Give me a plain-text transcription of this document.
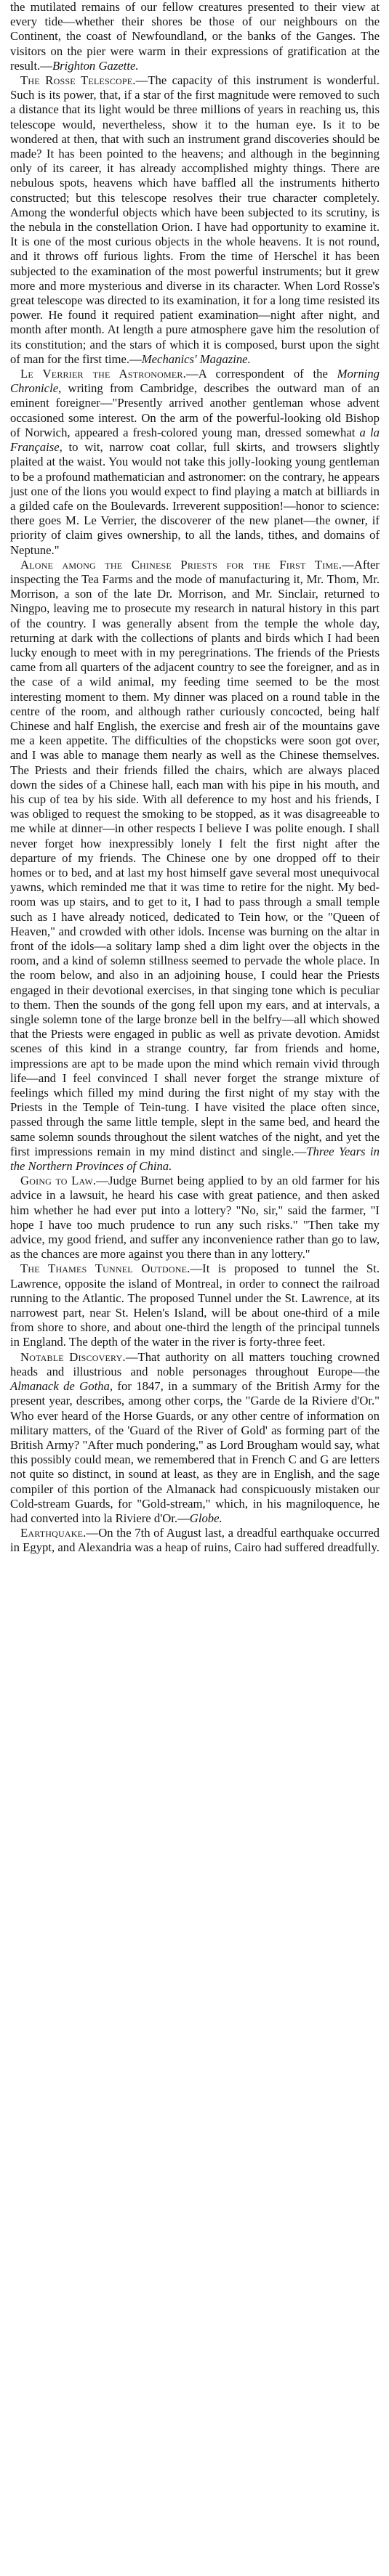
the mutilated remains of our fellow creatures presented to their view at every tide—whether their shores be those of our neighbours on the Continent, the coast of Newfoundland, or the banks of the Ganges. The visitors on the pier were warm in their expressions of gratification at the result.—Brighton Gazette.

The Rosse Telescope.—The capacity of this instrument is wonderful. Such is its power, that, if a star of the first magnitude were removed to such a distance that its light would be three millions of years in reaching us, this telescope would, nevertheless, show it to the human eye. Is it to be wondered at then, that with such an instrument grand discoveries should be made? It has been pointed to the heavens; and although in the beginning only of its career, it has already accomplished mighty things. There are nebulous spots, heavens which have baffled all the instruments hitherto constructed; but this telescope resolves their true character completely. Among the wonderful objects which have been subjected to its scrutiny, is the nebula in the constellation Orion. I have had opportunity to examine it. It is one of the most curious objects in the whole heavens. It is not round, and it throws off furious lights. From the time of Herschel it has been subjected to the examination of the most powerful instruments; but it grew more and more mysterious and diverse in its character. When Lord Rosse's great telescope was directed to its examination, it for a long time resisted its power. He found it required patient examination—night after night, and month after month. At length a pure atmosphere gave him the resolution of its constitution; and the stars of which it is composed, burst upon the sight of man for the first time.—Mechanics' Magazine.

Le Verrier the Astronomer.—A correspondent of the Morning Chronicle, writing from Cambridge, describes the outward man of an eminent foreigner—"Presently arrived another gentleman whose advent occasioned some interest. On the arm of the powerful-looking old Bishop of Norwich, appeared a fresh-colored young man, dressed somewhat a la Française, to wit, narrow coat collar, full skirts, and trowsers slightly plaited at the waist. You would not take this jolly-looking young gentleman to be a profound mathematician and astronomer: on the contrary, he appears just one of the lions you would expect to find playing a match at billiards in a gilded cafe on the Boulevards. Irreverent supposition!—honor to science: there goes M. Le Verrier, the discoverer of the new planet—the owner, if priority of claim gives ownership, to all the lands, tithes, and domains of Neptune."

Alone among the Chinese Priests for the First Time.—After inspecting the Tea Farms and the mode of manufacturing it, Mr. Thom, Mr. Morrison, a son of the late Dr. Morrison, and Mr. Sinclair, returned to Ningpo, leaving me to prosecute my research in natural history in this part of the country. I was generally absent from the temple the whole day, returning at dark with the collections of plants and birds which I had been lucky enough to meet with in my peregrinations. The friends of the Priests came from all quarters of the adjacent country to see the foreigner, and as in the case of a wild animal, my feeding time seemed to be the most interesting moment to them. My dinner was placed on a round table in the centre of the room, and although rather curiously concocted, being half Chinese and half English, the exercise and fresh air of the mountains gave me a keen appetite. The difficulties of the chopsticks were soon got over, and I was able to manage them nearly as well as the Chinese themselves. The Priests and their friends filled the chairs, which are always placed down the sides of a Chinese hall, each man with his pipe in his mouth, and his cup of tea by his side. With all deference to my host and his friends, I was obliged to request the smoking to be stopped, as it was disagreeable to me while at dinner—in other respects I believe I was polite enough. I shall never forget how inexpressibly lonely I felt the first night after the departure of my friends. The Chinese one by one dropped off to their homes or to bed, and at last my host himself gave several most unequivocal yawns, which reminded me that it was time to retire for the night. My bed-room was up stairs, and to get to it, I had to pass through a small temple such as I have already noticed, dedicated to Tein how, or the "Queen of Heaven," and crowded with other idols. Incense was burning on the altar in front of the idols—a solitary lamp shed a dim light over the objects in the room, and a kind of solemn stillness seemed to pervade the whole place. In the room below, and also in an adjoining house, I could hear the Priests engaged in their devotional exercises, in that singing tone which is peculiar to them. Then the sounds of the gong fell upon my ears, and at intervals, a single solemn tone of the large bronze bell in the belfry—all which showed that the Priests were engaged in public as well as private devotion. Amidst scenes of this kind in a strange country, far from friends and home, impressions are apt to be made upon the mind which remain vivid through life—and I feel convinced I shall never forget the strange mixture of feelings which filled my mind during the first night of my stay with the Priests in the Temple of Tein-tung. I have visited the place often since, passed through the same little temple, slept in the same bed, and heard the same solemn sounds throughout the silent watches of the night, and yet the first impressions remain in my mind distinct and single.—Three Years in the Northern Provinces of China.

Going to Law.—Judge Burnet being applied to by an old farmer for his advice in a lawsuit, he heard his case with great patience, and then asked him whether he had ever put into a lottery? "No, sir," said the farmer, "I hope I have too much prudence to run any such risks." "Then take my advice, my good friend, and suffer any inconvenience rather than go to law, as the chances are more against you there than in any lottery."

The Thames Tunnel Outdone.—It is proposed to tunnel the St. Lawrence, opposite the island of Montreal, in order to connect the railroad running to the Atlantic. The proposed Tunnel under the St. Lawrence, at its narrowest part, near St. Helen's Island, will be about one-third of a mile from shore to shore, and about one-third the length of the principal tunnels in England. The depth of the water in the river is forty-three feet.

Notable Discovery.—That authority on all matters touching crowned heads and illustrious and noble personages throughout Europe—the Almanack de Gotha, for 1847, in a summary of the British Army for the present year, describes, among other corps, the "Garde de la Riviere d'Or." Who ever heard of the Horse Guards, or any other centre of information on military matters, of the 'Guard of the River of Gold' as forming part of the British Army? "After much pondering," as Lord Brougham would say, what this possibly could mean, we remembered that in French C and G are letters not quite so distinct, in sound at least, as they are in English, and the sage compiler of this portion of the Almanack had conspicuously mistaken our Cold-stream Guards, for "Gold-stream," which, in his magniloquence, he had converted into la Riviere d'Or.—Globe.

Earthquake.—On the 7th of August last, a dreadful earthquake occurred in Egypt, and Alexandria was a heap of ruins, Cairo had suffered dreadfully.
